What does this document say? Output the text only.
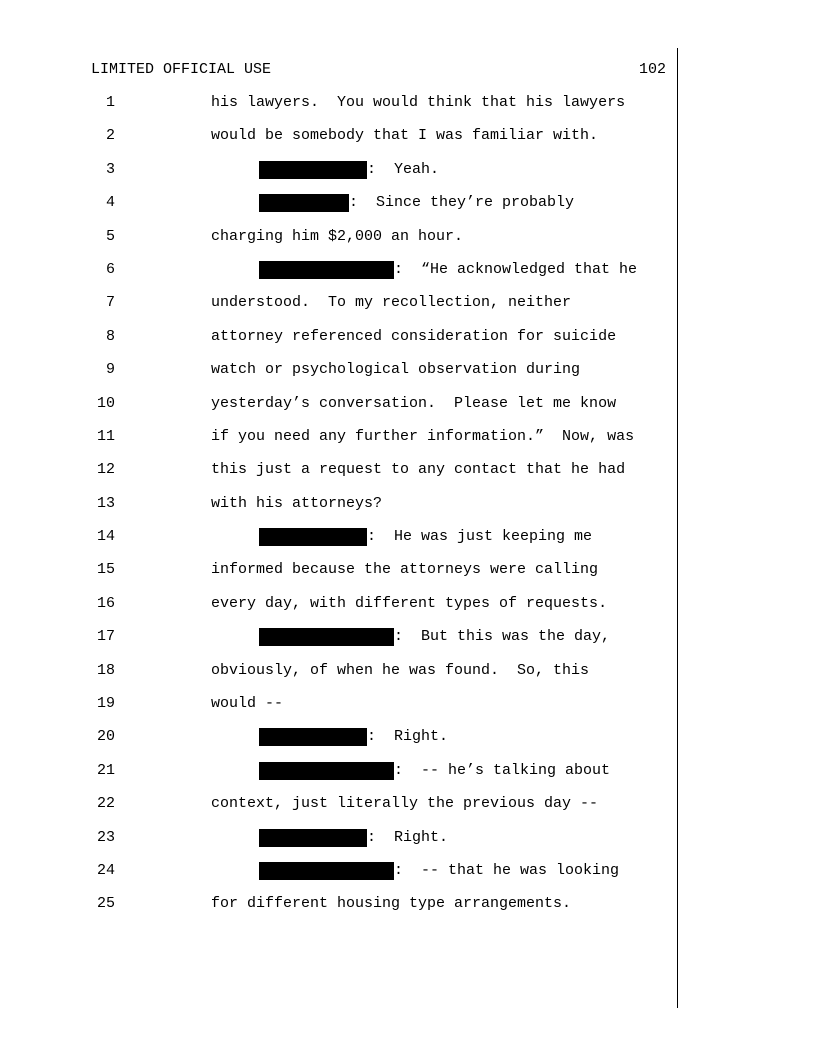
LIMITED OFFICIAL USE	102
1	his lawyers.  You would think that his lawyers
2	would be somebody that I was familiar with.
3	:  Yeah.
4	:  Since they’re probably
5	charging him $2,000 an hour.
6	:  “He acknowledged that he
7	understood.  To my recollection, neither
8	attorney referenced consideration for suicide
9	watch or psychological observation during
10	yesterday’s conversation.  Please let me know
11	if you need any further information.”  Now, was
12	this just a request to any contact that he had
13	with his attorneys?
14	:  He was just keeping me
15	informed because the attorneys were calling
16	every day, with different types of requests.
17	:  But this was the day,
18	obviously, of when he was found.  So, this
19	would --
20	:  Right.
21	:  -- he’s talking about
22	context, just literally the previous day --
23	:  Right.
24	:  -- that he was looking
25	for different housing type arrangements.
